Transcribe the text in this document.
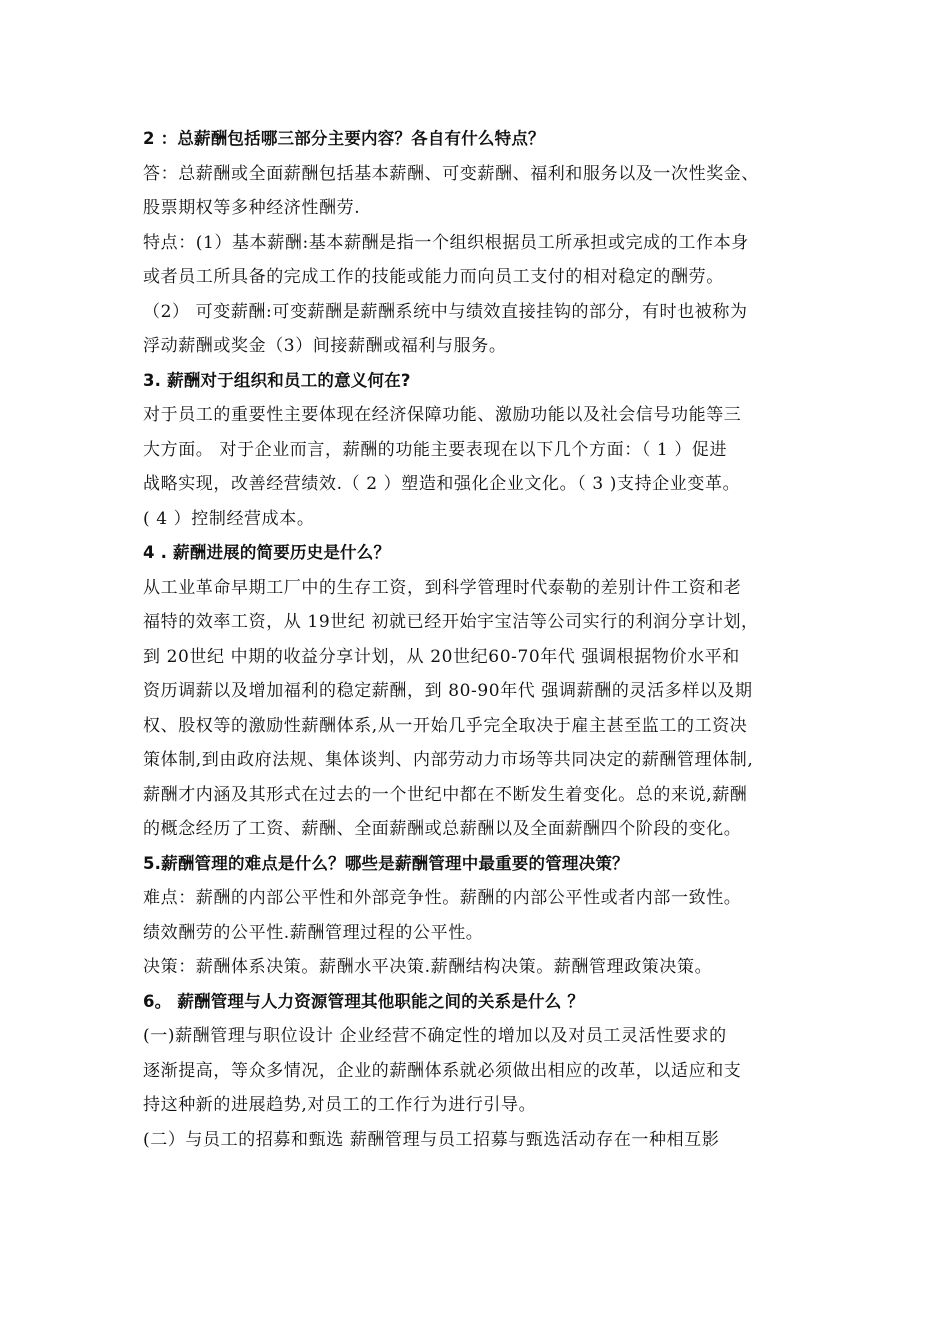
2 ：总薪酬包括哪三部分主要内容？各自有什么特点？
答：总薪酬或全面薪酬包括基本薪酬、可变薪酬、福利和服务以及一次性奖金、
股票期权等多种经济性酬劳.
特点：(1）基本薪酬:基本薪酬是指一个组织根据员工所承担或完成的工作本身
或者员工所具备的完成工作的技能或能力而向员工支付的相对稳定的酬劳。
（2） 可变薪酬:可变薪酬是薪酬系统中与绩效直接挂钩的部分，有时也被称为
浮动薪酬或奖金（3）间接薪酬或福利与服务。
3. 薪酬对于组织和员工的意义何在?
对于员工的重要性主要体现在经济保障功能、激励功能以及社会信号功能等三
大方面。 对于企业而言，薪酬的功能主要表现在以下几个方面：（ 1 ）促进
战略实现，改善经营绩效.（ 2 ）塑造和强化企业文化。（ 3 )支持企业变革。
( 4 ）控制经营成本。
4 . 薪酬进展的简要历史是什么？
从工业革命早期工厂中的生存工资，到科学管理时代泰勒的差别计件工资和老
福特的效率工资，从 19世纪 初就已经开始宇宝洁等公司实行的利润分享计划，
到 20世纪 中期的收益分享计划，从 20世纪60-70年代 强调根据物价水平和
资历调薪以及增加福利的稳定薪酬，到 80-90年代 强调薪酬的灵活多样以及期
权、股权等的激励性薪酬体系,从一开始几乎完全取决于雇主甚至监工的工资决
策体制,到由政府法规、集体谈判、内部劳动力市场等共同决定的薪酬管理体制,
薪酬才内涵及其形式在过去的一个世纪中都在不断发生着变化。总的来说,薪酬
的概念经历了工资、薪酬、全面薪酬或总薪酬以及全面薪酬四个阶段的变化。
5.薪酬管理的难点是什么？哪些是薪酬管理中最重要的管理决策？
难点：薪酬的内部公平性和外部竞争性。薪酬的内部公平性或者内部一致性。
绩效酬劳的公平性.薪酬管理过程的公平性。
决策：薪酬体系决策。薪酬水平决策.薪酬结构决策。薪酬管理政策决策。
6。 薪酬管理与人力资源管理其他职能之间的关系是什么 ？
(一)薪酬管理与职位设计 企业经营不确定性的增加以及对员工灵活性要求的
逐渐提高，等众多情况，企业的薪酬体系就必须做出相应的改革，以适应和支
持这种新的进展趋势,对员工的工作行为进行引导。
(二）与员工的招募和甄选 薪酬管理与员工招募与甄选活动存在一种相互影
